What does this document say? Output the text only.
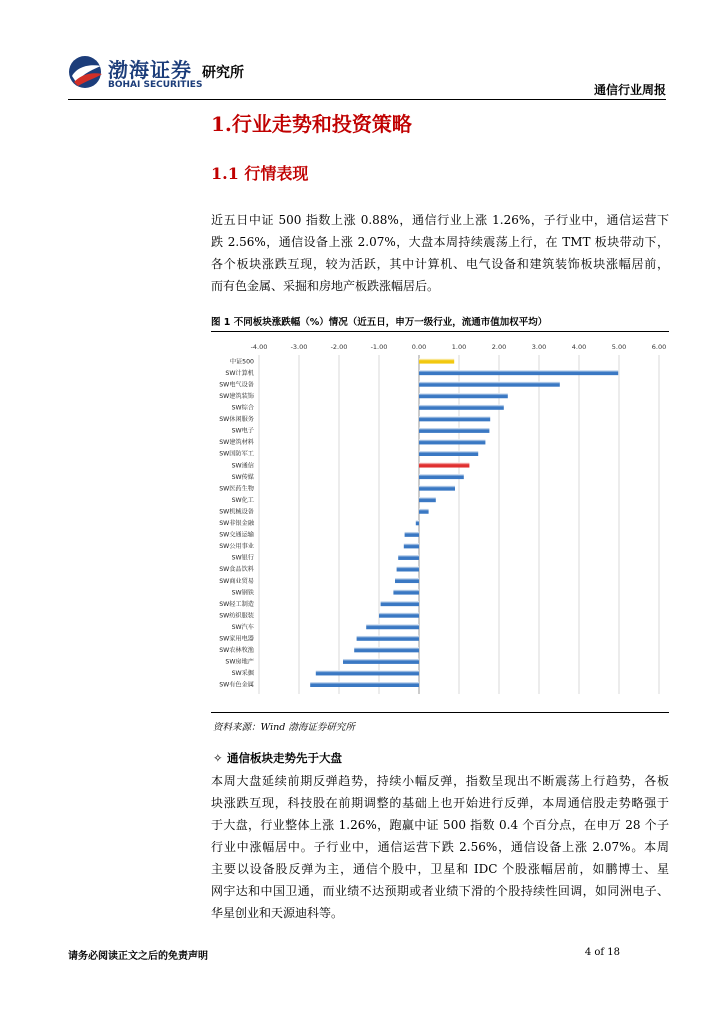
渤海证券
BOHAI SECURITIES
研究所
通信行业周报
1.行业走势和投资策略
1.1 行情表现

近五日中证 500 指数上涨 0.88%，通信行业上涨 1.26%，子行业中，通信运营下
跌 2.56%，通信设备上涨 2.07%，大盘本周持续震荡上行，在 TMT 板块带动下，
各个板块涨跌互现，较为活跃，其中计算机、电气设备和建筑装饰板块涨幅居前，
而有色金属、采掘和房地产板跌涨幅居后。

图 1 不同板块涨跌幅（%）情况（近五日，申万一级行业，流通市值加权平均）
-4.00	-3.00	-2.00	-1.00	0.00	1.00	2.00	3.00	4.00	5.00	6.00
中证500
SW计算机
SW电气设备
SW建筑装饰
SW综合
SW休闲服务
SW电子
SW建筑材料
SW国防军工
SW通信
SW传媒
SW医药生物
SW化工
SW机械设备
SW非银金融
SW交通运输
SW公用事业
SW银行
SW食品饮料
SW商业贸易
SW钢铁
SW轻工制造
SW纺织服装
SW汽车
SW家用电器
SW农林牧渔
SW房地产
SW采掘
SW有色金属
资料来源：Wind 渤海证券研究所
✧ 通信板块走势先于大盘

本周大盘延续前期反弹趋势，持续小幅反弹，指数呈现出不断震荡上行趋势，各板
块涨跌互现，科技股在前期调整的基础上也开始进行反弹，本周通信股走势略强于
于大盘，行业整体上涨 1.26%，跑赢中证 500 指数 0.4 个百分点，在申万 28 个子
行业中涨幅居中。子行业中，通信运营下跌 2.56%，通信设备上涨 2.07%。本周
主要以设备股反弹为主，通信个股中，卫星和 IDC 个股涨幅居前，如鹏博士、星
网宇达和中国卫通，而业绩不达预期或者业绩下滑的个股持续性回调，如同洲电子、
华星创业和天源迪科等。

请务必阅读正文之后的免责声明	4 of 18
